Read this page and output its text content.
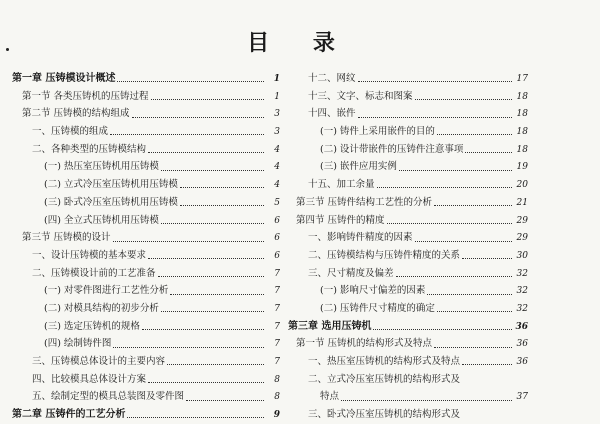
目 录
第一章 压铸模设计概述	1
第一节 各类压铸机的压铸过程	1
第二节 压铸模的结构组成	3
一、压铸模的组成	3
二、各种类型的压铸模结构	4
(一) 热压室压铸机用压铸模	4
(二) 立式冷压室压铸机用压铸模	4
(三) 卧式冷压室压铸机用压铸模	5
(四) 全立式压铸机用压铸模	6
第三节 压铸模的设计	6
一、设计压铸模的基本要求	6
二、压铸模设计前的工艺准备	7
(一) 对零件图进行工艺性分析	7
(二) 对模具结构的初步分析	7
(三) 选定压铸机的规格	7
(四) 绘制铸件图	7
三、压铸模总体设计的主要内容	7
四、比较模具总体设计方案	8
五、绘制定型的模具总装图及零件图	8
第二章 压铸件的工艺分析	9
十二、网纹	17
十三、文字、标志和图案	18
十四、嵌件	18
(一) 铸件上采用嵌件的目的	18
(二) 设计带嵌件的压铸件注意事项	18
(三) 嵌件应用实例	19
十五、加工余量	20
第三节 压铸件结构工艺性的分析	21
第四节 压铸件的精度	29
一、影响铸件精度的因素	29
二、压铸模结构与压铸件精度的关系	30
三、尺寸精度及偏差	32
(一) 影响尺寸偏差的因素	32
(二) 压铸件尺寸精度的确定	32
第三章 选用压铸机	36
第一节 压铸机的结构形式及特点	36
一、热压室压铸机的结构形式及特点	36
二、立式冷压室压铸机的结构形式及
特点	37
三、卧式冷压室压铸机的结构形式及
